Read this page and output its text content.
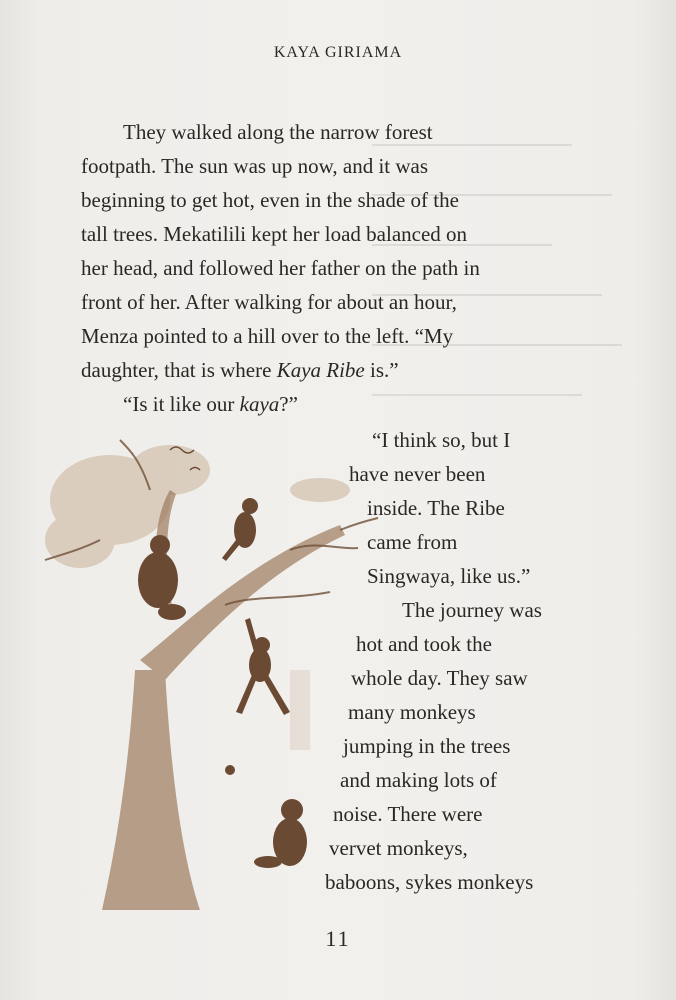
KAYA GIRIAMA

They walked along the narrow forest
footpath. The sun was up now, and it was
beginning to get hot, even in the shade of the
tall trees. Mekatilili kept her load balanced on
her head, and followed her father on the path in
front of her. After walking for about an hour,
Menza pointed to a hill over to the left. “My
daughter, that is where Kaya Ribe is.”

“Is it like our kaya?”

“I think so, but I
have never been
inside. The Ribe
came from
Singwaya, like us.”
The journey was
hot and took the
whole day. They saw
many monkeys
jumping in the trees
and making lots of
noise. There were
vervet monkeys,
baboons, sykes monkeys
11
